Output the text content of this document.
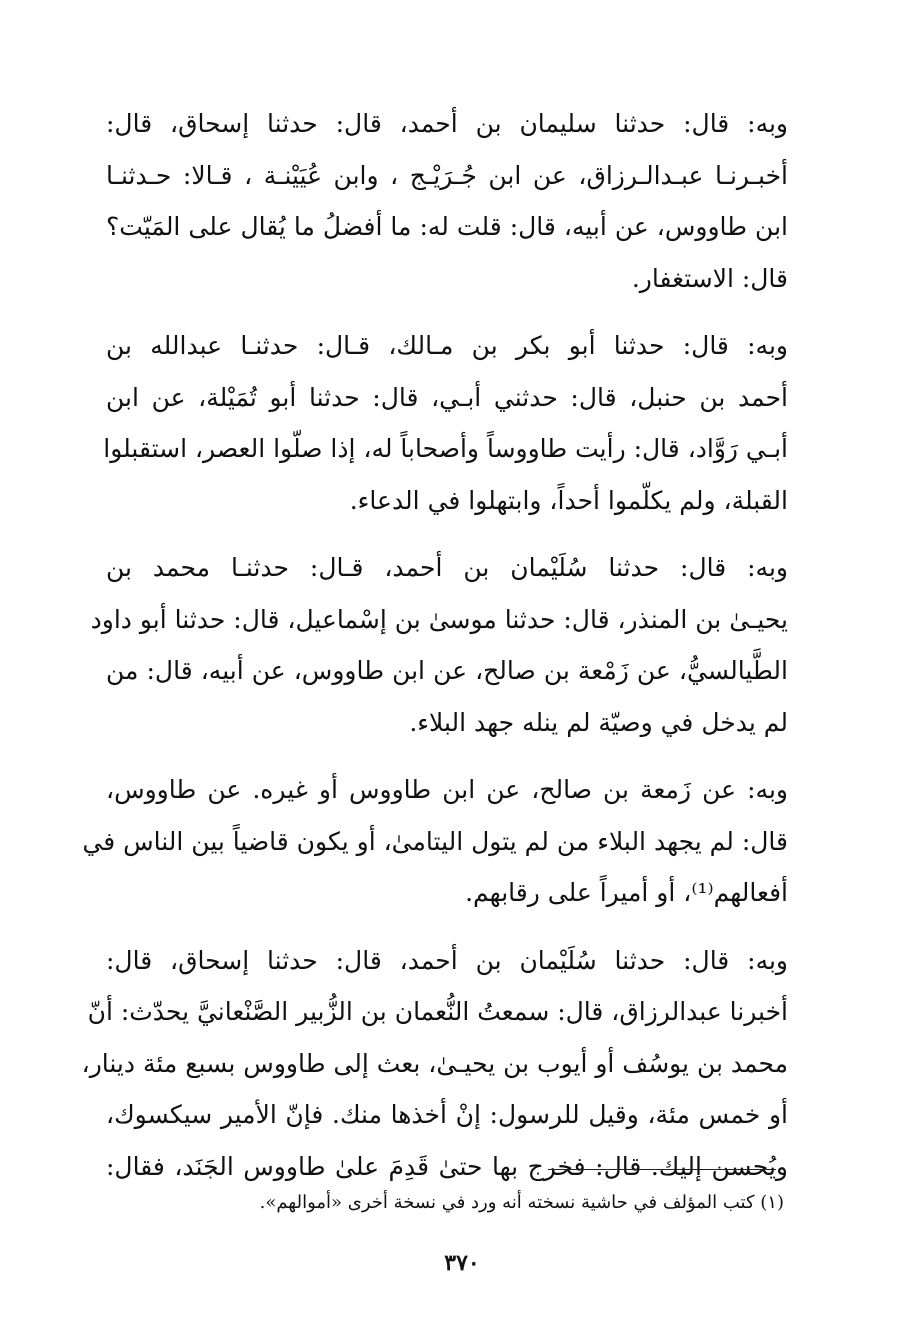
وبه: قال: حدثنا سليمان بن أحمد، قال: حدثنا إسحاق، قال:
أخبـرنـا عبـدالـرزاق، عن ابن جُـرَيْـج ، وابن عُيَيْنـة ، قـالا: حـدثنـا
ابن طاووس، عن أبيه، قال: قلت له: ما أفضلُ ما يُقال على المَيّت؟
قال: الاستغفار.
وبه: قال: حدثنا أبو بكر بن مـالك، قـال: حدثنـا عبدالله بن
أحمد بن حنبل، قال: حدثني أبـي، قال: حدثنا أبو تُمَيْلة، عن ابن
أبـي رَوَّاد، قال: رأيت طاووساً وأصحاباً له، إذا صلّوا العصر، استقبلوا
القبلة، ولم يكلّموا أحداً، وابتهلوا في الدعاء.
وبه: قال: حدثنا سُلَيْمان بن أحمد، قـال: حدثنـا محمد بن
يحيـىٰ بن المنذر، قال: حدثنا موسىٰ بن إسْماعيل، قال: حدثنا أبو داود
الطَّيالسيُّ، عن زَمْعة بن صالح، عن ابن طاووس، عن أبيه، قال: من
لم يدخل في وصيّة لم ينله جهد البلاء.
وبه: عن زَمعة بن صالح، عن ابن طاووس أو غيره. عن طاووس،
قال: لم يجهد البلاء من لم يتول اليتامىٰ، أو يكون قاضياً بين الناس في
أفعالهم⁽¹⁾، أو أميراً على رقابهم.
وبه: قال: حدثنا سُلَيْمان بن أحمد، قال: حدثنا إسحاق، قال:
أخبرنا عبدالرزاق، قال: سمعتُ النُّعمان بن الزُّبير الصَّنْعانيَّ يحدّث: أنّ
محمد بن يوسُف أو أيوب بن يحيـىٰ، بعث إلى طاووس بسبع مئة دينار،
أو خمس مئة، وقيل للرسول: إنْ أخذها منك. فإنّ الأمير سيكسوك،
ويُحسن إليك. قال: فخرج بها حتىٰ قَدِمَ علىٰ طاووس الجَنَد، فقال:
(١) كتب المؤلف في حاشية نسخته أنه ورد في نسخة أخرى «أموالهم».
٣٧٠
